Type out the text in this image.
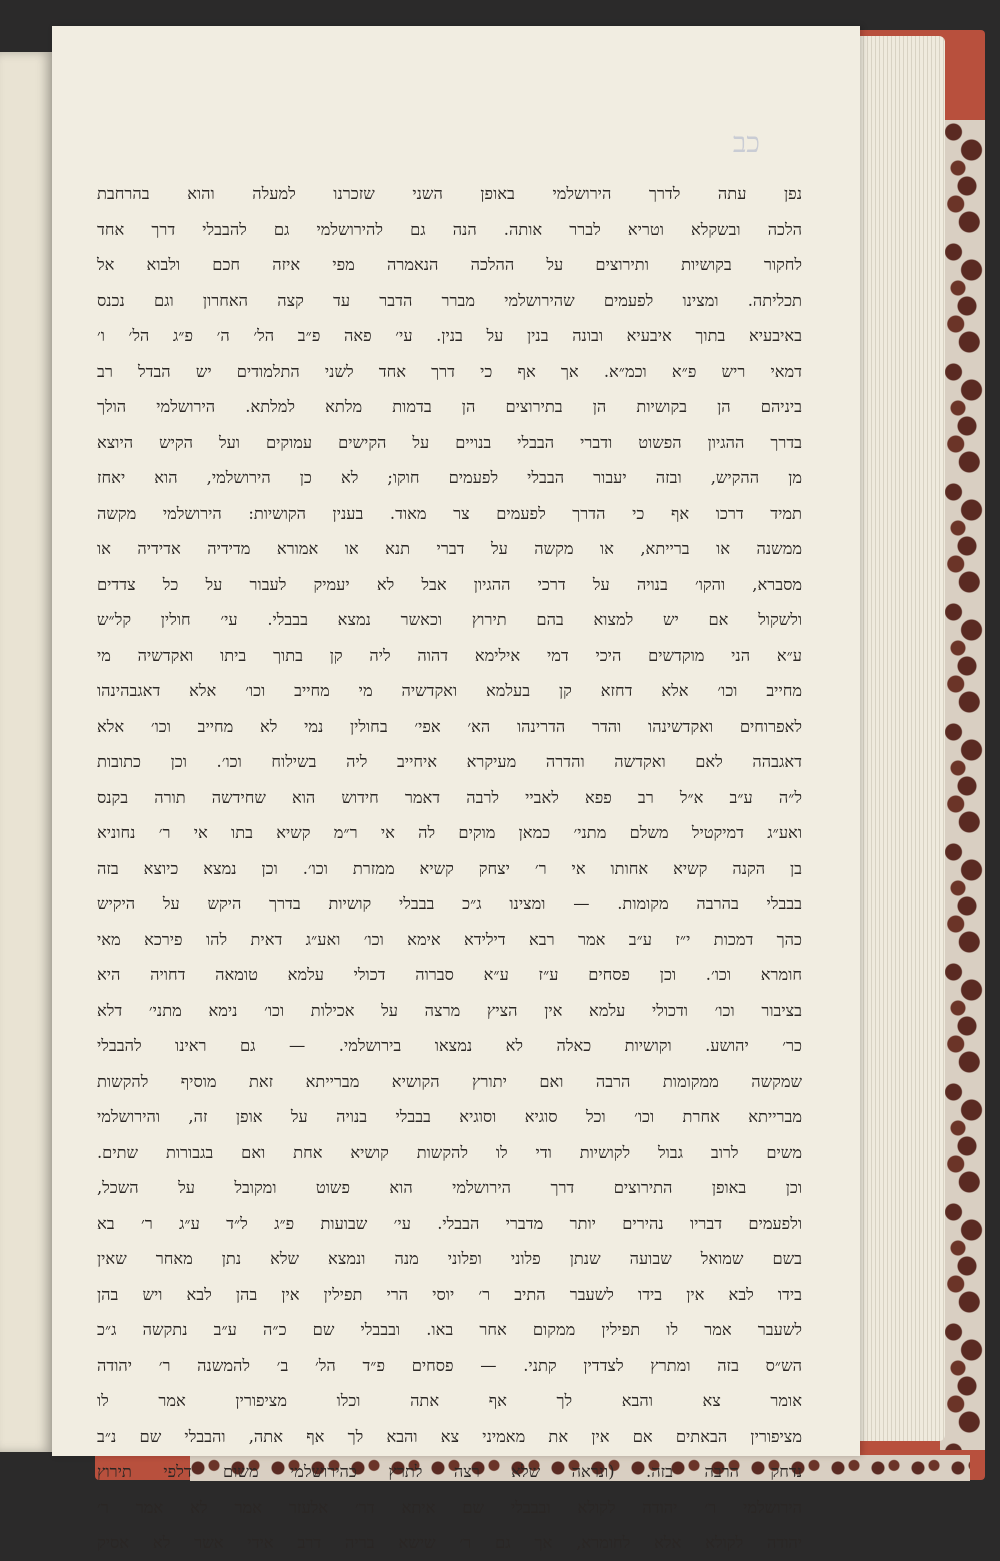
כב
נפן עתה לדרך הירושלמי באופן השני שזכרנו למעלה והוא בהרחבת
הלכה ובשקלא וטריא לברר אותה. הנה גם להירושלמי גם להבבלי דרך אחד
לחקור בקושיות ותירוצים על ההלכה הנאמרה מפי איזה חכם ולבוא אל
תכליתה. ומצינו לפעמים שהירושלמי מברר הדבר עד קצה האחרון וגם נכנס
באיבעיא בתוך איבעיא ובונה בנין על בנין. עי׳ פאה פ״ב הל׳ ה׳ פ״ג הל׳ ו׳
דמאי ריש פ״א וכמ״א. אך אף כי דרך אחד לשני התלמודים יש הבדל רב
ביניהם הן בקושיות הן בתירוצים הן בדמות מלתא למלתא. הירושלמי הולך
בדרך ההגיון הפשוט ודברי הבבלי בנויים על הקישים עמוקים ועל הקיש היוצא
מן ההקיש, ובזה יעבור הבבלי לפעמים חוקו; לא כן הירושלמי, הוא יאחז
תמיד דרכו אף כי הדרך לפעמים צר מאוד. בענין הקושיות: הירושלמי מקשה
ממשנה או ברייתא, או מקשה על דברי תנא או אמורא מדידיה אדידיה או
מסברא, והקו׳ בנויה על דרכי ההגיון אבל לא יעמיק לעבור על כל צדדים
ולשקול אם יש למצוא בהם תירוץ וכאשר נמצא בבבלי. עי׳ חולין קל״ש
ע״א הני מוקדשים היכי דמי אילימא דהוה ליה קן בתוך ביתו ואקדשיה מי
מחייב וכו׳ אלא דחזא קן בעלמא ואקדשיה מי מחייב וכו׳ אלא דאגבהינהו
לאפרוחים ואקדשינהו והדר הדרינהו הא׳ אפי׳ בחולין נמי לא מחייב וכו׳ אלא
דאגבהה לאם ואקדשה והדרה מעיקרא איחייב ליה בשילוח וכו׳. וכן כתובות
ל״ה ע״ב א״ל רב פפא לאביי לרבה דאמר חידוש הוא שחידשה תורה בקנס
ואע״ג דמיקטיל משלם מתני׳ כמאן מוקים לה אי ר״מ קשיא בתו אי ר׳ נחוניא
בן הקנה קשיא אחותו אי ר׳ יצחק קשיא ממזרת וכו׳. וכן נמצא כיוצא בזה
בבבלי בהרבה מקומות. — ומצינו ג״כ בבבלי קושיות בדרך היקש על היקיש
כהך דמכות י״ז ע״ב אמר רבא דילידא אימא וכו׳ ואע״ג דאית להו פירכא מאי
חומרא וכו׳. וכן פסחים ע״ז ע״א סברוה דכולי עלמא טומאה דחויה היא
בציבור וכו׳ ודכולי עלמא אין הציץ מרצה על אכילות וכו׳ נימא מתני׳ דלא
כר׳ יהושע. וקושיות כאלה לא נמצאו בירושלמי. — גם ראינו להבבלי
שמקשה ממקומות הרבה ואם יתורץ הקושיא מברייתא זאת מוסיף להקשות
מברייתא אחרת וכו׳ וכל סוגיא וסוגיא בבבלי בנויה על אופן זה, והירושלמי
משים לרוב גבול לקושיות ודי לו להקשות קושיא אחת ואם בגבורות שתים.
וכן באופן התירוצים דרך הירושלמי הוא פשוט ומקובל על השכל,
ולפעמים דבריו נהירים יותר מדברי הבבלי. עי׳ שבועות פ״ג ל״ד ע״ג ר׳ בא
בשם שמואל שבועה שנתן פלוני ופלוני מנה ונמצא שלא נתן מאחר שאין
בידו לבא אין בידו לשעבר התיב ר׳ יוסי הרי תפילין אין בהן לבא ויש בהן
לשעבר אמר לו תפילין ממקום אחר באו. ובבבלי שם כ״ה ע״ב נתקשה ג״כ
הש״ס בזה ומתרץ לצדדין קתני. — פסחים פ״ד הל׳ ב׳ להמשנה ר׳ יהודה
אומר צא והבא לך אף אתה וכלו מציפורין אמר לו
מציפורין הבאתים אם אין את מאמיני צא והבא לך אף אתה, והבבלי שם נ״ב
נדחק הרבה בזה. (ונראה שלא רצה לתרץ כהירושלמי משום דלפי תירוץ
הירושלמי ר׳ יהודה לקולא ובבבלי שם איתא דר׳ אלעזר אמר לא אמר ר׳
יהודה לקולא אלא לחומרא, אך גם ר׳ שישא בריה דרב אידי אשר לא אסיק
